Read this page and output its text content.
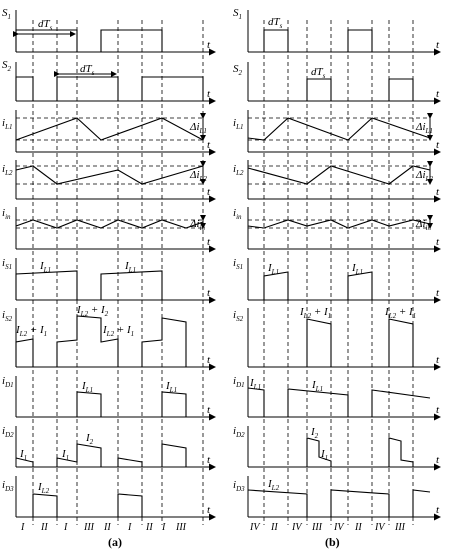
$S_1$
$S_2$
$i_{L1}$
$i_{L2}$
$i_{in}$
$i_{S1}$
$i_{S2}$
$i_{D1}$
$i_{D2}$
$i_{D3}$
t
t
t
t
t
t
t
t
t
t
$dT_s$
$dT_s$
$\Delta i_{L1}$
$\Delta i_{L2}$
$\Delta i_{in}$
$I_{L1}$	$I_{L1}$
$I_{L2} + I_1$
$I_{L2} + I_2$
$I_{L2} + I_1$
$I_{L1}$	$I_{L1}$
$I_2$
$I_1$	$I_1$
$I_{L2}$
I II I III II I II I III
(a)
$S_1$
$S_2$
$i_{L1}$
$i_{L2}$
$i_{in}$
$i_{S1}$
$i_{S2}$
$i_{D1}$
$i_{D2}$
$i_{D3}$
t
t
t
t
t
t
t
t
t
t
$dT_s$
$dT_s$
$\Delta i_{L1}$
$\Delta i_{L2}$
$\Delta i_{in}$
$I_{L1}$	$I_{L1}$
$I_{L2} + I_1$	$I_{L2} + I_1$
$I_{L1}$	$I_{L1}$
$I_2$
$I_1$
$I_{L2}$
IV II IV III IV II IV III
(b)
